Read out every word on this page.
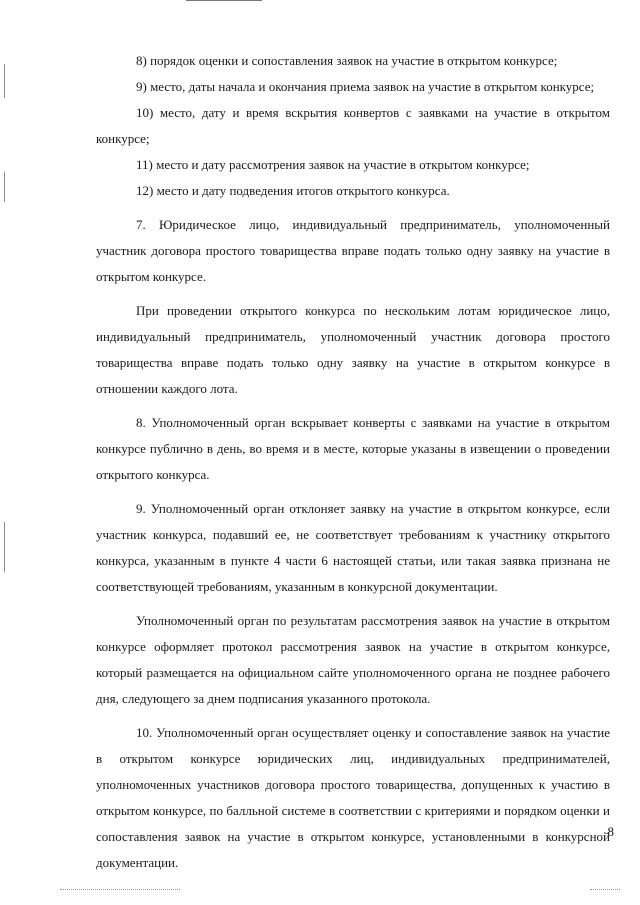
8) порядок оценки и сопоставления заявок на участие в открытом конкурсе;

9) место, даты начала и окончания приема заявок на участие в открытом конкурсе;

10) место, дату и время вскрытия конвертов с заявками на участие в открытом конкурсе;

11) место и дату рассмотрения заявок на участие в открытом конкурсе;

12) место и дату подведения итогов открытого конкурса.

7. Юридическое лицо, индивидуальный предприниматель, уполномоченный участник договора простого товарищества вправе подать только одну заявку на участие в открытом конкурсе.

При проведении открытого конкурса по нескольким лотам юридическое лицо, индивидуальный предприниматель, уполномоченный участник договора простого товарищества вправе подать только одну заявку на участие в открытом конкурсе в отношении каждого лота.

8. Уполномоченный орган вскрывает конверты с заявками на участие в открытом конкурсе публично в день, во время и в месте, которые указаны в извещении о проведении открытого конкурса.

9. Уполномоченный орган отклоняет заявку на участие в открытом конкурсе, если участник конкурса, подавший ее, не соответствует требованиям к участнику открытого конкурса, указанным в пункте 4 части 6 настоящей статьи, или такая заявка признана не соответствующей требованиям, указанным в конкурсной документации.

Уполномоченный орган по результатам рассмотрения заявок на участие в открытом конкурсе оформляет протокол рассмотрения заявок на участие в открытом конкурсе, который размещается на официальном сайте уполномоченного органа не позднее рабочего дня, следующего за днем подписания указанного протокола.

10. Уполномоченный орган осуществляет оценку и сопоставление заявок на участие в открытом конкурсе юридических лиц, индивидуальных предпринимателей, уполномоченных участников договора простого товарищества, допущенных к участию в открытом конкурсе, по балльной системе в соответствии с критериями и порядком оценки и сопоставления заявок на участие в открытом конкурсе, установленными в конкурсной документации.

8
